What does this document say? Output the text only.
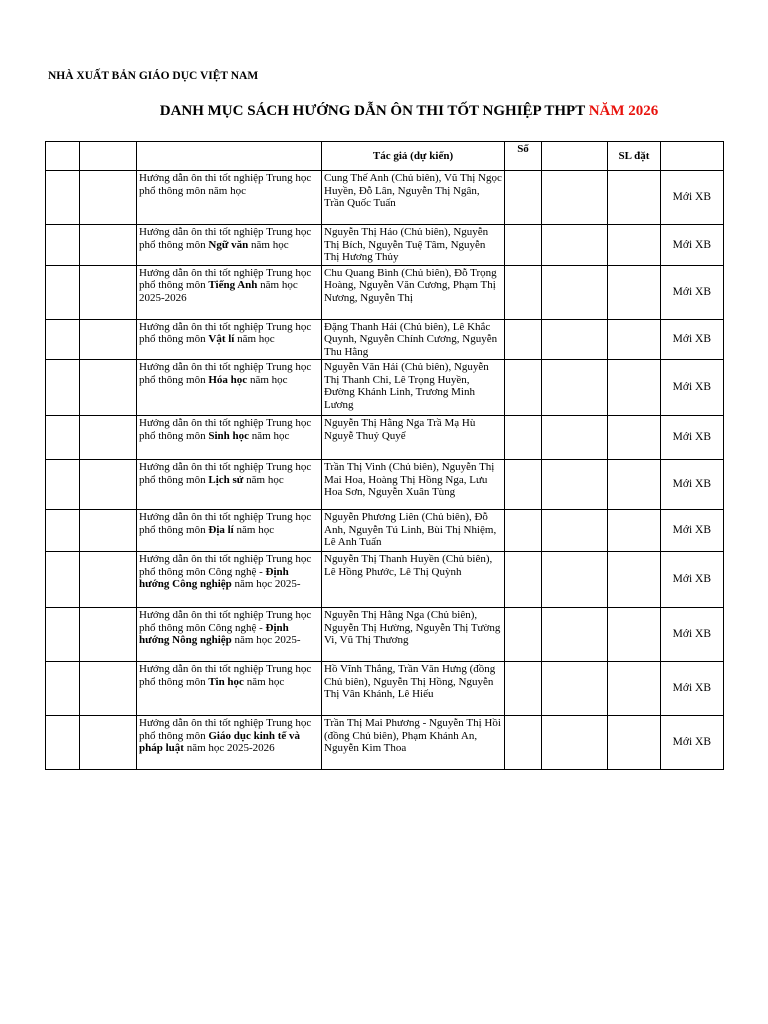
NHÀ XUẤT BẢN GIÁO DỤC VIỆT NAM
DANH MỤC SÁCH HƯỚNG DẪN ÔN THI TỐT NGHIỆP THPT NĂM 2026
			Tác giả (dự kiến)	Số		SL đặt	
		Hướng dẫn ôn thi tốt nghiệp Trung học phổ thông môn năm học	Cung Thế Anh (Chủ biên), Vũ Thị Ngọc Huyền, Đỗ Lân, Nguyễn Thị Ngân, Trần Quốc Tuấn				Mới XB
		Hướng dẫn ôn thi tốt nghiệp Trung học phổ thông môn Ngữ văn năm học	Nguyễn Thị Hảo (Chủ biên), Nguyễn Thị Bích, Nguyễn Tuệ Tâm, Nguyễn Thị Hương Thủy				Mới XB
		Hướng dẫn ôn thi tốt nghiệp Trung học phổ thông môn Tiếng Anh năm học 2025-2026	Chu Quang Bình (Chủ biên), Đỗ Trọng Hoàng, Nguyễn Văn Cương, Phạm Thị Nương, Nguyễn Thị				Mới XB
		Hướng dẫn ôn thi tốt nghiệp Trung học phổ thông môn Vật lí năm học	Đặng Thanh Hải (Chủ biên), Lê Khắc Quynh, Nguyễn Chính Cương, Nguyễn Thu Hằng				Mới XB
		Hướng dẫn ôn thi tốt nghiệp Trung học phổ thông môn Hóa học năm học	Nguyễn Văn Hải (Chủ biên), Nguyễn Thị Thanh Chi, Lê Trọng Huyền, Đường Khánh Linh, Trương Minh Lương				Mới XB
		Hướng dẫn ôn thi tốt nghiệp Trung học phổ thông môn Sinh học năm học	Nguyễn Thị Hằng Nga Trầ Mạ Hù Nguyễ Thuỷ Quyể				Mới XB
		Hướng dẫn ôn thi tốt nghiệp Trung học phổ thông môn Lịch sử năm học	Trần Thị Vinh (Chủ biên), Nguyễn Thị Mai Hoa, Hoàng Thị Hồng Nga, Lưu Hoa Sơn, Nguyễn Xuân Tùng				Mới XB
		Hướng dẫn ôn thi tốt nghiệp Trung học phổ thông môn Địa lí năm học	Nguyễn Phương Liên (Chủ biên), Đỗ Anh, Nguyễn Tú Linh, Bùi Thị Nhiệm, Lê Anh Tuấn				Mới XB
		Hướng dẫn ôn thi tốt nghiệp Trung học phổ thông môn Công nghệ - Định hướng Công nghiệp năm học 2025-	Nguyễn Thị Thanh Huyền (Chủ biên), Lê Hồng Phước, Lê Thị Quỳnh				Mới XB
		Hướng dẫn ôn thi tốt nghiệp Trung học phổ thông môn Công nghệ - Định hướng Nông nghiệp năm học 2025-	Nguyễn Thị Hằng Nga (Chủ biên), Nguyễn Thị Hường, Nguyễn Thị Tường Vi, Vũ Thị Thương				Mới XB
		Hướng dẫn ôn thi tốt nghiệp Trung học phổ thông môn Tin học năm học	Hồ Vĩnh Thắng, Trần Văn Hưng (đồng Chủ biên), Nguyễn Thị Hồng, Nguyễn Thị Vân Khánh, Lê Hiếu				Mới XB
		Hướng dẫn ôn thi tốt nghiệp Trung học phổ thông môn Giáo dục kinh tế và pháp luật năm học 2025-2026	Trần Thị Mai Phương - Nguyễn Thị Hồi (đồng Chủ biên), Phạm Khánh An, Nguyễn Kim Thoa				Mới XB
